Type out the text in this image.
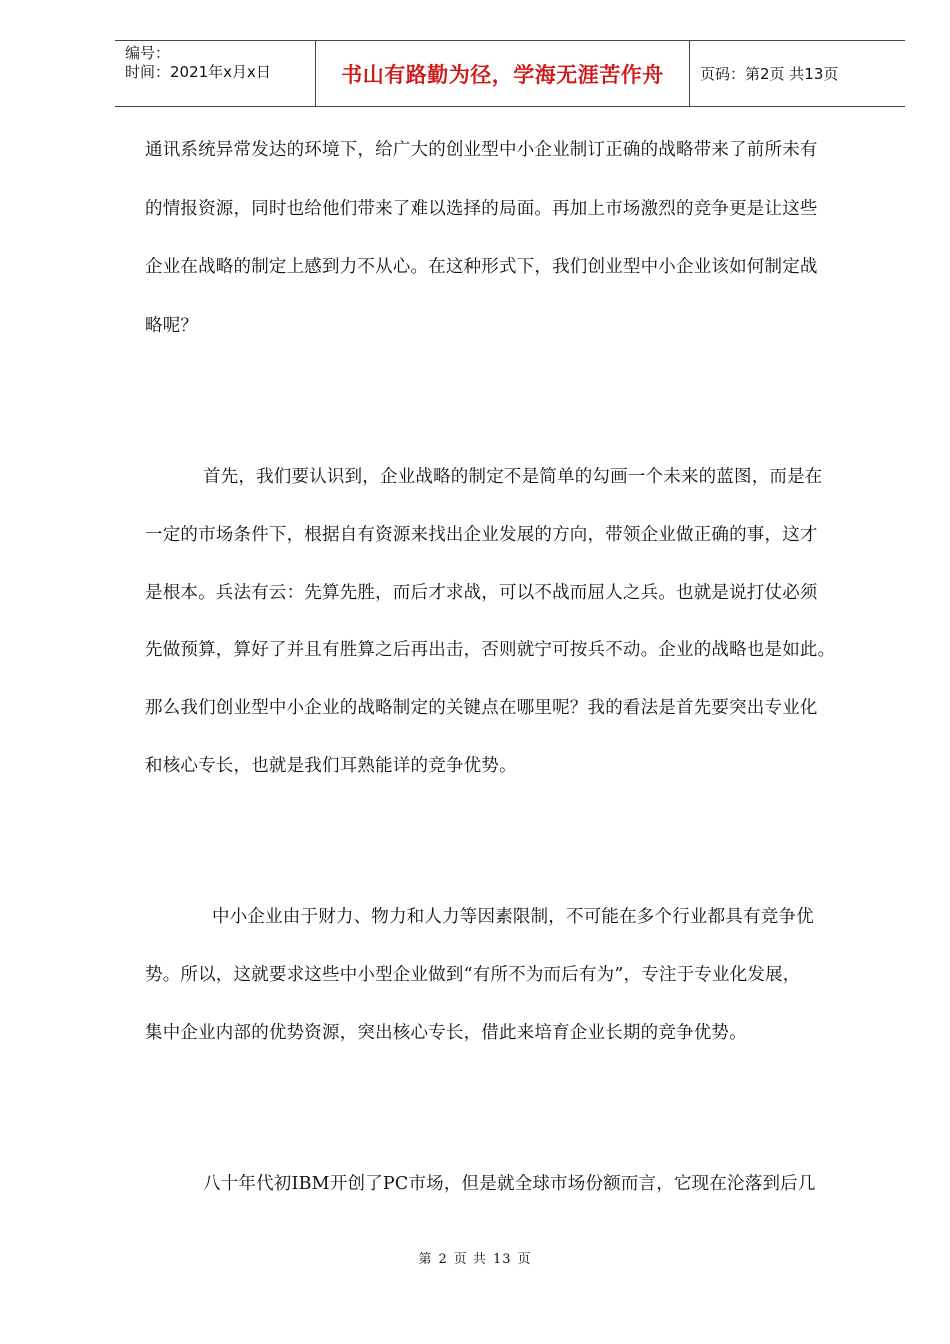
编号：
时间：2021年x月x日	书山有路勤为径，学海无涯苦作舟 页码：第2页 共13页
通讯系统异常发达的环境下，给广大的创业型中小企业制订正确的战略带来了前所未有
的情报资源，同时也给他们带来了难以选择的局面。再加上市场激烈的竞争更是让这些
企业在战略的制定上感到力不从心。在这种形式下，我们创业型中小企业该如何制定战
略呢？
首先，我们要认识到，企业战略的制定不是简单的勾画一个未来的蓝图，而是在
一定的市场条件下，根据自有资源来找出企业发展的方向，带领企业做正确的事，这才
是根本。兵法有云：先算先胜，而后才求战，可以不战而屈人之兵。也就是说打仗必须
先做预算，算好了并且有胜算之后再出击，否则就宁可按兵不动。企业的战略也是如此。
那么我们创业型中小企业的战略制定的关键点在哪里呢？我的看法是首先要突出专业化
和核心专长，也就是我们耳熟能详的竞争优势。
中小企业由于财力、物力和人力等因素限制，不可能在多个行业都具有竞争优
势。所以，这就要求这些中小型企业做到“有所不为而后有为”，专注于专业化发展，
集中企业内部的优势资源，突出核心专长，借此来培育企业长期的竞争优势。
八十年代初IBM开创了PC市场，但是就全球市场份额而言，它现在沦落到后几
第 2 页 共 13 页
